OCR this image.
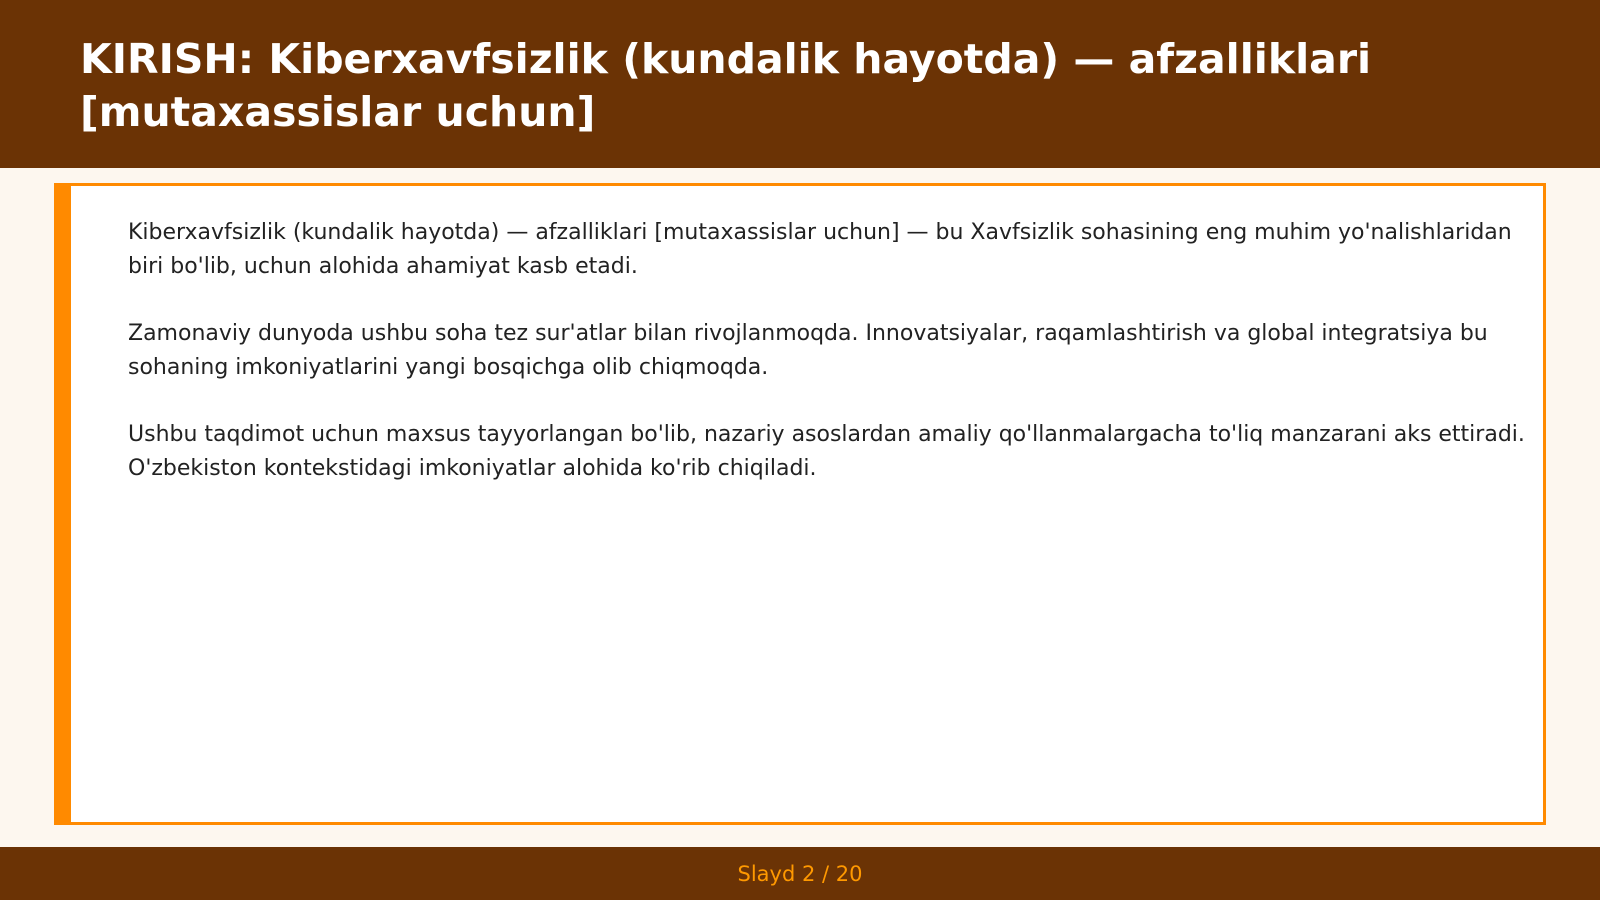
KIRISH: Kiberxavfsizlik (kundalik hayotda) — afzalliklari [mutaxassislar uchun]

Kiberxavfsizlik (kundalik hayotda) — afzalliklari [mutaxassislar uchun] — bu Xavfsizlik sohasining eng muhim yo'nalishlaridan biri bo'lib, uchun alohida ahamiyat kasb etadi.

Zamonaviy dunyoda ushbu soha tez sur'atlar bilan rivojlanmoqda. Innovatsiyalar, raqamlashtirish va global integratsiya bu sohaning imkoniyatlarini yangi bosqichga olib chiqmoqda.

Ushbu taqdimot uchun maxsus tayyorlangan bo'lib, nazariy asoslardan amaliy qo'llanmalargacha to'liq manzarani aks ettiradi. O'zbekiston kontekstidagi imkoniyatlar alohida ko'rib chiqiladi.

Slayd 2 / 20
